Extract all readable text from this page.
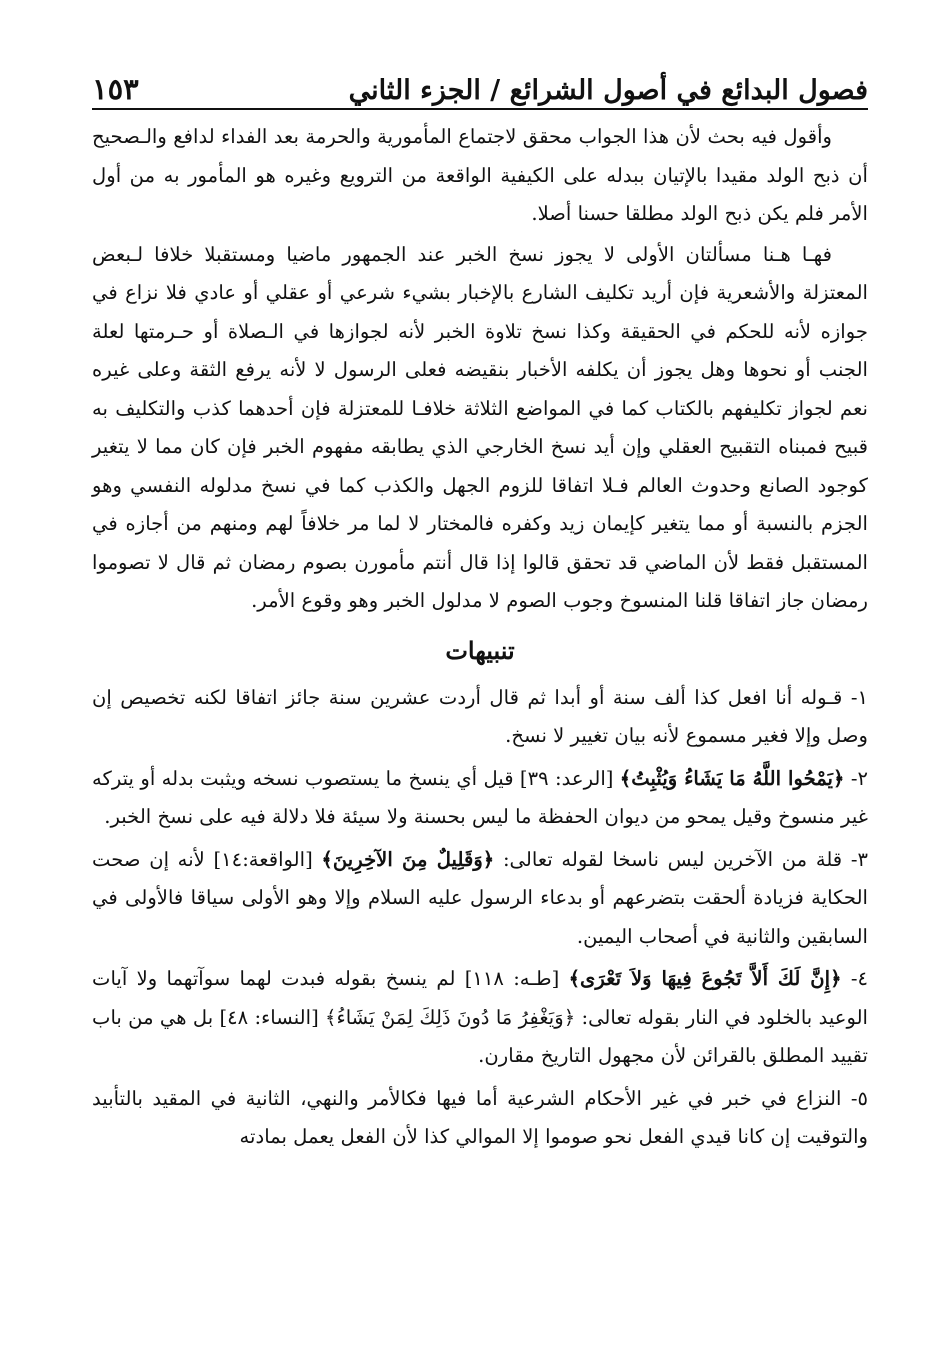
فصول البدائع في أصول الشرائع / الجزء الثاني
١٥٣

وأقول فيه بحث لأن هذا الجواب محقق لاجتماع المأمورية والحرمة بعد الفداء لدافع والـصحيح أن ذبح الولد مقيدا بالإتيان ببدله على الكيفية الواقعة من الترويع وغيره هو المأمور به من أول الأمر فلم يكن ذبح الولد مطلقا حسنا أصلا.

فهـا هـنا مسألتان الأولى لا يجوز نسخ الخبر عند الجمهور ماضيا ومستقبلا خلافا لـبعض المعتزلة والأشعرية فإن أريد تكليف الشارع بالإخبار بشيء شرعي أو عقلي أو عادي فلا نزاع في جوازه لأنه للحكم في الحقيقة وكذا نسخ تلاوة الخبر لأنه لجوازها في الـصلاة أو حـرمتها لعلة الجنب أو نحوها وهل يجوز أن يكلفه الأخبار بنقيضه فعلى الرسول لا لأنه يرفع الثقة وعلى غيره نعم لجواز تكليفهم بالكتاب كما في المواضع الثلاثة خلافـا للمعتزلة فإن أحدهما كذب والتكليف به قبيح فمبناه التقبيح العقلي وإن أيد نسخ الخارجي الذي يطابقه مفهوم الخبر فإن كان مما لا يتغير كوجود الصانع وحدوث العالم فـلا اتفاقا للزوم الجهل والكذب كما في نسخ مدلوله النفسي وهو الجزم بالنسبة أو مما يتغير كإيمان زيد وكفره فالمختار لا لما مر خلافاً لهم ومنهم من أجازه في المستقبل فقط لأن الماضي قد تحقق قالوا إذا قال أنتم مأمورن بصوم رمضان ثم قال لا تصوموا رمضان جاز اتفاقا قلنا المنسوخ وجوب الصوم لا مدلول الخبر وهو وقوع الأمر.

تنبيهات

١- قـوله أنا افعل كذا ألف سنة أو أبدا ثم قال أردت عشرين سنة جائز اتفاقا لكنه تخصيص إن وصل وإلا فغير مسموع لأنه بيان تغيير لا نسخ.

٢- ﴿يَمْحُوا اللَّهُ مَا يَشَاءُ وَيُثْبِتُ﴾ [الرعد: ٣٩] قيل أي ينسخ ما يستصوب نسخه ويثبت بدله أو يتركه غير منسوخ وقيل يمحو من ديوان الحفظة ما ليس بحسنة ولا سيئة فلا دلالة فيه على نسخ الخبر.

٣- قلة من الآخرين ليس ناسخا لقوله تعالى: ﴿وَقَلِيلٌ مِنَ الآخِرِينَ﴾ [الواقعة:١٤] لأنه إن صحت الحكاية فزيادة ألحقت بتضرعهم أو بدعاء الرسول عليه السلام وإلا وهو الأولى سياقا فالأولى في السابقين والثانية في أصحاب اليمين.

٤- ﴿إِنَّ لَكَ أَلاَّ تَجُوعَ فِيهَا وَلاَ تَعْرَى﴾ [طـه: ١١٨] لم ينسخ بقوله فبدت لهما سوآتهما ولا آيات الوعيد بالخلود في النار بقوله تعالى: ﴿وَيَغْفِرُ مَا دُونَ ذَلِكَ لِمَنْ يَشَاءُ﴾ [النساء: ٤٨] بل هي من باب تقييد المطلق بالقرائن لأن مجهول التاريخ مقارن.

٥- النزاع في خبر في غير الأحكام الشرعية أما فيها فكالأمر والنهي، الثانية في المقيد بالتأبيد والتوقيت إن كانا قيدي الفعل نحو صوموا إلا الموالي كذا لأن الفعل يعمل بمادته
